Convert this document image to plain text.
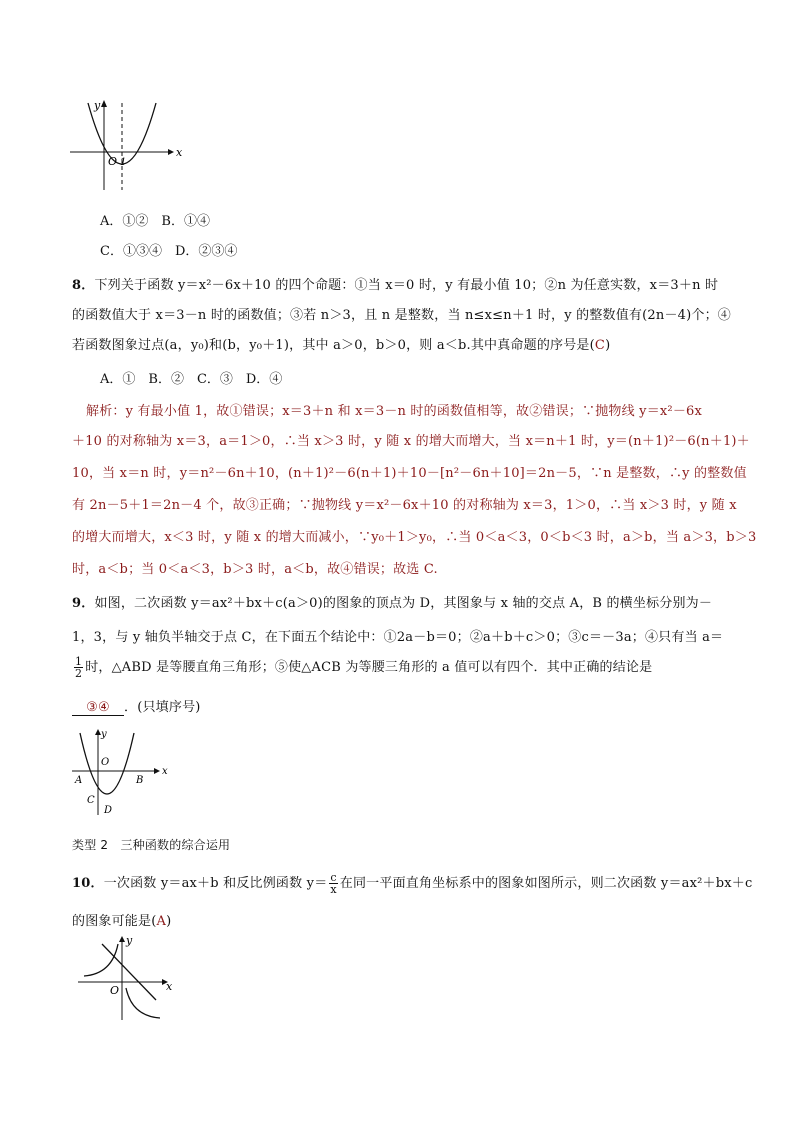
y
x
O 1
A．①②　B．①④
C．①③④　D．②③④
8．下列关于函数 y＝x²－6x＋10 的四个命题：①当 x＝0 时，y 有最小值 10；②n 为任意实数，x＝3＋n 时
的函数值大于 x＝3－n 时的函数值；③若 n＞3，且 n 是整数，当 n≤x≤n＋1 时，y 的整数值有(2n－4)个；④
若函数图象过点(a，y₀)和(b，y₀＋1)，其中 a＞0，b＞0，则 a＜b.其中真命题的序号是(C)
A．①　B．②　C．③　D．④
解析：y 有最小值 1，故①错误；x＝3＋n 和 x＝3－n 时的函数值相等，故②错误；∵抛物线 y＝x²－6x
＋10 的对称轴为 x＝3，a＝1＞0，∴当 x＞3 时，y 随 x 的增大而增大，当 x＝n＋1 时，y＝(n＋1)²－6(n＋1)＋
10，当 x＝n 时，y＝n²－6n＋10，(n＋1)²－6(n＋1)＋10－[n²－6n＋10]＝2n－5，∵n 是整数，∴y 的整数值
有 2n－5＋1＝2n－4 个，故③正确；∵抛物线 y＝x²－6x＋10 的对称轴为 x＝3，1＞0，∴当 x＞3 时，y 随 x
的增大而增大，x＜3 时，y 随 x 的增大而减小，∵y₀＋1＞y₀，∴当 0＜a＜3，0＜b＜3 时，a＞b，当 a＞3，b＞3
时，a＜b；当 0＜a＜3，b＞3 时，a＜b，故④错误；故选 C.
9．如图，二次函数 y＝ax²＋bx＋c(a＞0)的图象的顶点为 D，其图象与 x 轴的交点 A，B 的横坐标分别为－
1，3，与 y 轴负半轴交于点 C，在下面五个结论中：①2a－b＝0；②a＋b＋c＞0；③c＝－3a；④只有当 a＝
$\frac{1}{2}$ 时，△ABD 是等腰直角三角形；⑤使△ACB 为等腰三角形的 a 值可以有四个．其中正确的结论是
③④ ．(只填序号)
y
x
O
A	B
C
D
类型 2　三种函数的综合运用
10．一次函数 y＝ax＋b 和反比例函数 $y= \frac{c}{x}$ 在同一平面直角坐标系中的图象如图所示，则二次函数 y＝ax²＋bx＋c
的图象可能是(A)
y
x
O
